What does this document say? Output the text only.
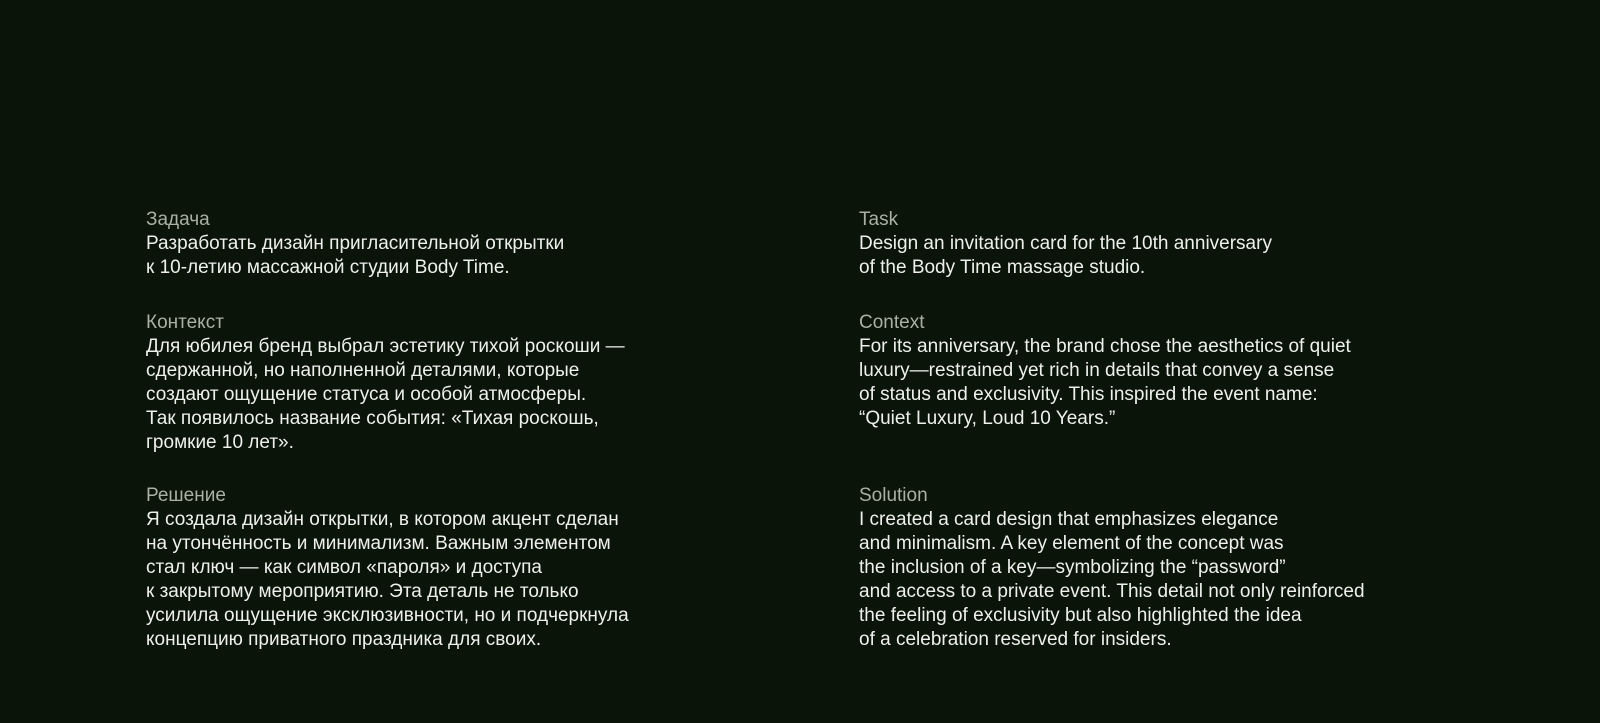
Задача

Разработать дизайн пригласительной открытки
к 10-летию массажной студии Body Time.

Контекст

Для юбилея бренд выбрал эстетику тихой роскоши —
сдержанной, но наполненной деталями, которые
создают ощущение статуса и особой атмосферы.
Так появилось название события: «Тихая роскошь,
громкие 10 лет».

Решение

Я создала дизайн открытки, в котором акцент сделан
на утончённость и минимализм. Важным элементом
стал ключ — как символ «пароля» и доступа
к закрытому мероприятию. Эта деталь не только
усилила ощущение эксклюзивности, но и подчеркнула
концепцию приватного праздника для своих.

Task

Design an invitation card for the 10th anniversary
of the Body Time massage studio.

Context

For its anniversary, the brand chose the aesthetics of quiet
luxury—restrained yet rich in details that convey a sense
of status and exclusivity. This inspired the event name:
“Quiet Luxury, Loud 10 Years.”

Solution

I created a card design that emphasizes elegance
and minimalism. A key element of the concept was
the inclusion of a key—symbolizing the “password”
and access to a private event. This detail not only reinforced
the feeling of exclusivity but also highlighted the idea
of a celebration reserved for insiders.
